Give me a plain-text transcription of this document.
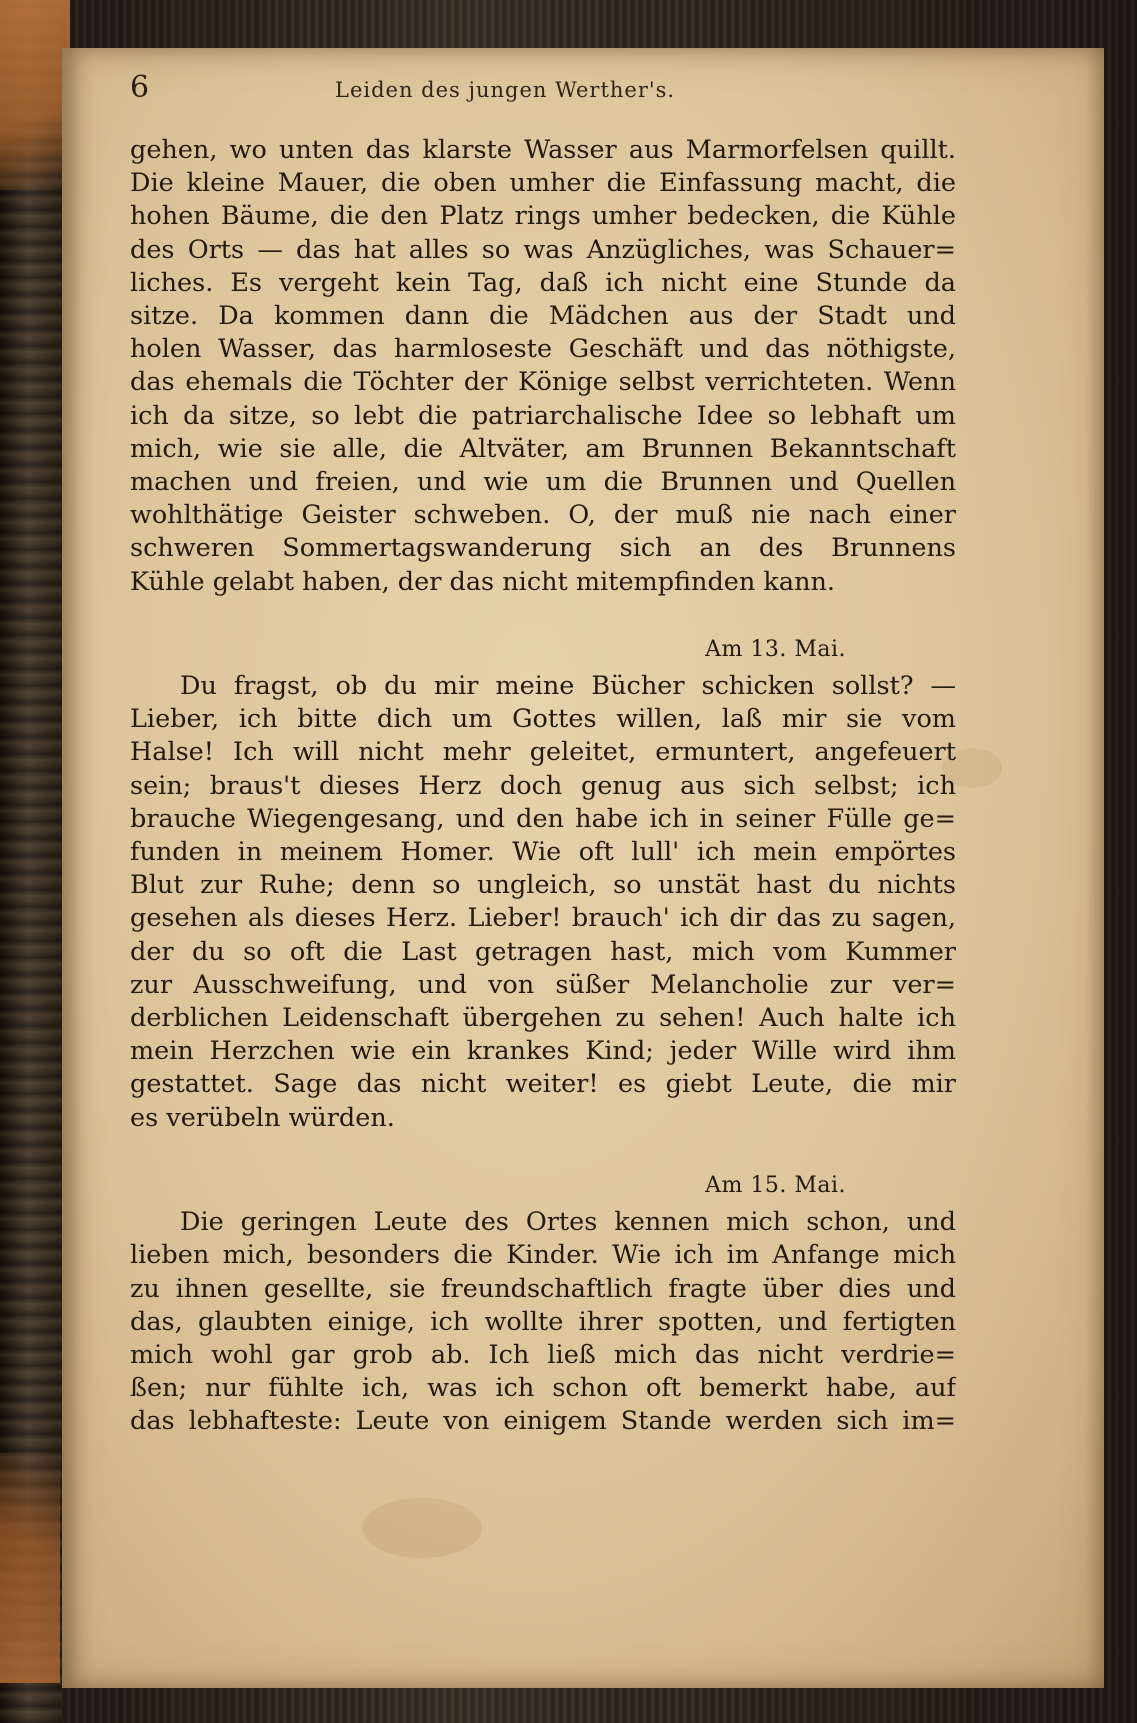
6	Leiden des jungen Werther's.
gehen, wo unten das klarste Wasser aus Marmorfelsen quillt.
Die kleine Mauer, die oben umher die Einfassung macht, die
hohen Bäume, die den Platz rings umher bedecken, die Kühle
des Orts — das hat alles so was Anzügliches, was Schauer=
liches. Es vergeht kein Tag, daß ich nicht eine Stunde da
sitze. Da kommen dann die Mädchen aus der Stadt und
holen Wasser, das harmloseste Geschäft und das nöthigste,
das ehemals die Töchter der Könige selbst verrichteten. Wenn
ich da sitze, so lebt die patriarchalische Idee so lebhaft um
mich, wie sie alle, die Altväter, am Brunnen Bekanntschaft
machen und freien, und wie um die Brunnen und Quellen
wohlthätige Geister schweben. O, der muß nie nach einer
schweren Sommertagswanderung sich an des Brunnens
Kühle gelabt haben, der das nicht mitempfinden kann.
Am 13. Mai.
Du fragst, ob du mir meine Bücher schicken sollst? —
Lieber, ich bitte dich um Gottes willen, laß mir sie vom
Halse! Ich will nicht mehr geleitet, ermuntert, angefeuert
sein; braus't dieses Herz doch genug aus sich selbst; ich
brauche Wiegengesang, und den habe ich in seiner Fülle ge=
funden in meinem Homer. Wie oft lull' ich mein empörtes
Blut zur Ruhe; denn so ungleich, so unstät hast du nichts
gesehen als dieses Herz. Lieber! brauch' ich dir das zu sagen,
der du so oft die Last getragen hast, mich vom Kummer
zur Ausschweifung, und von süßer Melancholie zur ver=
derblichen Leidenschaft übergehen zu sehen! Auch halte ich
mein Herzchen wie ein krankes Kind; jeder Wille wird ihm
gestattet. Sage das nicht weiter! es giebt Leute, die mir
es verübeln würden.
Am 15. Mai.
Die geringen Leute des Ortes kennen mich schon, und
lieben mich, besonders die Kinder. Wie ich im Anfange mich
zu ihnen gesellte, sie freundschaftlich fragte über dies und
das, glaubten einige, ich wollte ihrer spotten, und fertigten
mich wohl gar grob ab. Ich ließ mich das nicht verdrie=
ßen; nur fühlte ich, was ich schon oft bemerkt habe, auf
das lebhafteste: Leute von einigem Stande werden sich im=
